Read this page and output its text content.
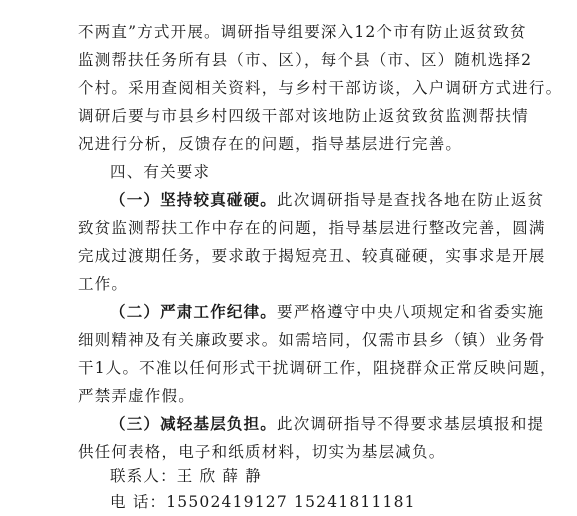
不两直”方式开展。调研指导组要深入12个市有防止返贫致贫
监测帮扶任务所有县（市、区），每个县（市、区）随机选择2
个村。采用查阅相关资料，与乡村干部访谈，入户调研方式进行。
调研后要与市县乡村四级干部对该地防止返贫致贫监测帮扶情
况进行分析，反馈存在的问题，指导基层进行完善。
四、有关要求
（一）坚持较真碰硬。此次调研指导是查找各地在防止返贫
致贫监测帮扶工作中存在的问题，指导基层进行整改完善，圆满
完成过渡期任务，要求敢于揭短亮丑、较真碰硬，实事求是开展
工作。
（二）严肃工作纪律。要严格遵守中央八项规定和省委实施
细则精神及有关廉政要求。如需培同，仅需市县乡（镇）业务骨
干1人。不准以任何形式干扰调研工作，阻挠群众正常反映问题，
严禁弄虚作假。
（三）减轻基层负担。此次调研指导不得要求基层填报和提
供任何表格，电子和纸质材料，切实为基层减负。
联系人：王 欣 薛 静
电 话：15502419127 15241811181
